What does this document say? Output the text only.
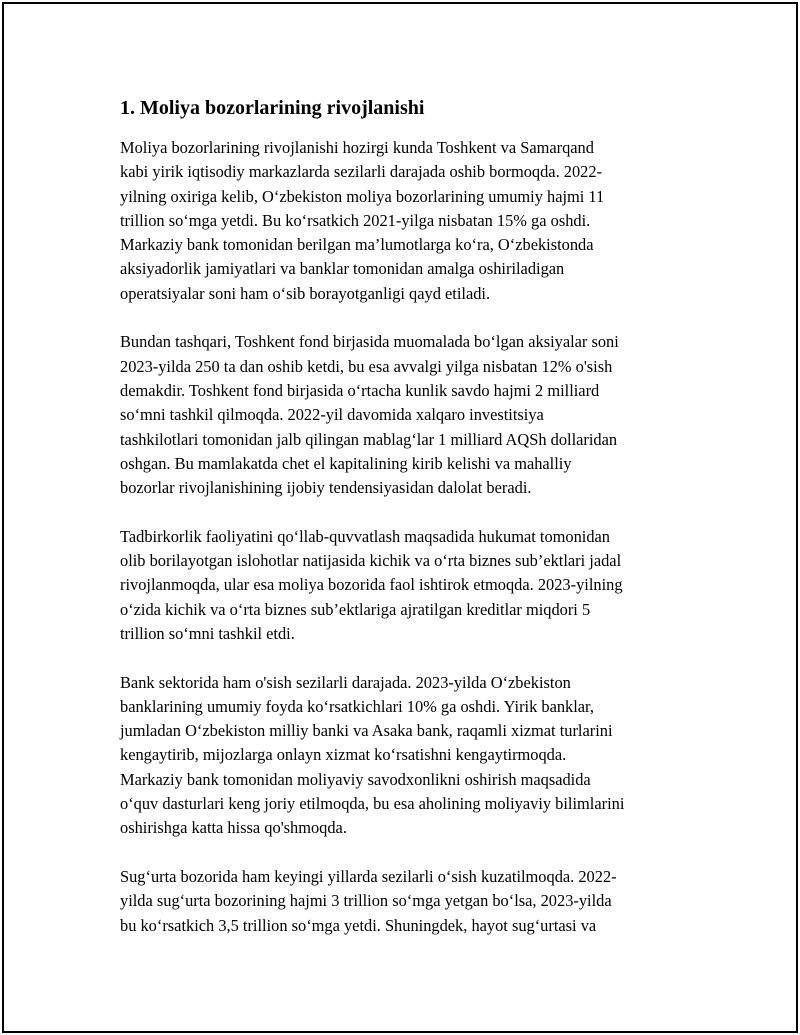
1. Moliya bozorlarining rivojlanishi

Moliya bozorlarining rivojlanishi hozirgi kunda Toshkent va Samarqand
kabi yirik iqtisodiy markazlarda sezilarli darajada oshib bormoqda. 2022-
yilning oxiriga kelib, O‘zbekiston moliya bozorlarining umumiy hajmi 11
trillion so‘mga yetdi. Bu ko‘rsatkich 2021-yilga nisbatan 15% ga oshdi.
Markaziy bank tomonidan berilgan ma’lumotlarga ko‘ra, O‘zbekistonda
aksiyadorlik jamiyatlari va banklar tomonidan amalga oshiriladigan
operatsiyalar soni ham o‘sib borayotganligi qayd etiladi.

Bundan tashqari, Toshkent fond birjasida muomalada bo‘lgan aksiyalar soni
2023-yilda 250 ta dan oshib ketdi, bu esa avvalgi yilga nisbatan 12% o'sish
demakdir. Toshkent fond birjasida o‘rtacha kunlik savdo hajmi 2 milliard
so‘mni tashkil qilmoqda. 2022-yil davomida xalqaro investitsiya
tashkilotlari tomonidan jalb qilingan mablag‘lar 1 milliard AQSh dollaridan
oshgan. Bu mamlakatda chet el kapitalining kirib kelishi va mahalliy
bozorlar rivojlanishining ijobiy tendensiyasidan dalolat beradi.

Tadbirkorlik faoliyatini qo‘llab-quvvatlash maqsadida hukumat tomonidan
olib borilayotgan islohotlar natijasida kichik va o‘rta biznes sub’ektlari jadal
rivojlanmoqda, ular esa moliya bozorida faol ishtirok etmoqda. 2023-yilning
o‘zida kichik va o‘rta biznes sub’ektlariga ajratilgan kreditlar miqdori 5
trillion so‘mni tashkil etdi.

Bank sektorida ham o'sish sezilarli darajada. 2023-yilda O‘zbekiston
banklarining umumiy foyda ko‘rsatkichlari 10% ga oshdi. Yirik banklar,
jumladan O‘zbekiston milliy banki va Asaka bank, raqamli xizmat turlarini
kengaytirib, mijozlarga onlayn xizmat ko‘rsatishni kengaytirmoqda.
Markaziy bank tomonidan moliyaviy savodxonlikni oshirish maqsadida
o‘quv dasturlari keng joriy etilmoqda, bu esa aholining moliyaviy bilimlarini
oshirishga katta hissa qo'shmoqda.

Sug‘urta bozorida ham keyingi yillarda sezilarli o‘sish kuzatilmoqda. 2022-
yilda sug‘urta bozorining hajmi 3 trillion so‘mga yetgan bo‘lsa, 2023-yilda
bu ko‘rsatkich 3,5 trillion so‘mga yetdi. Shuningdek, hayot sug‘urtasi va
